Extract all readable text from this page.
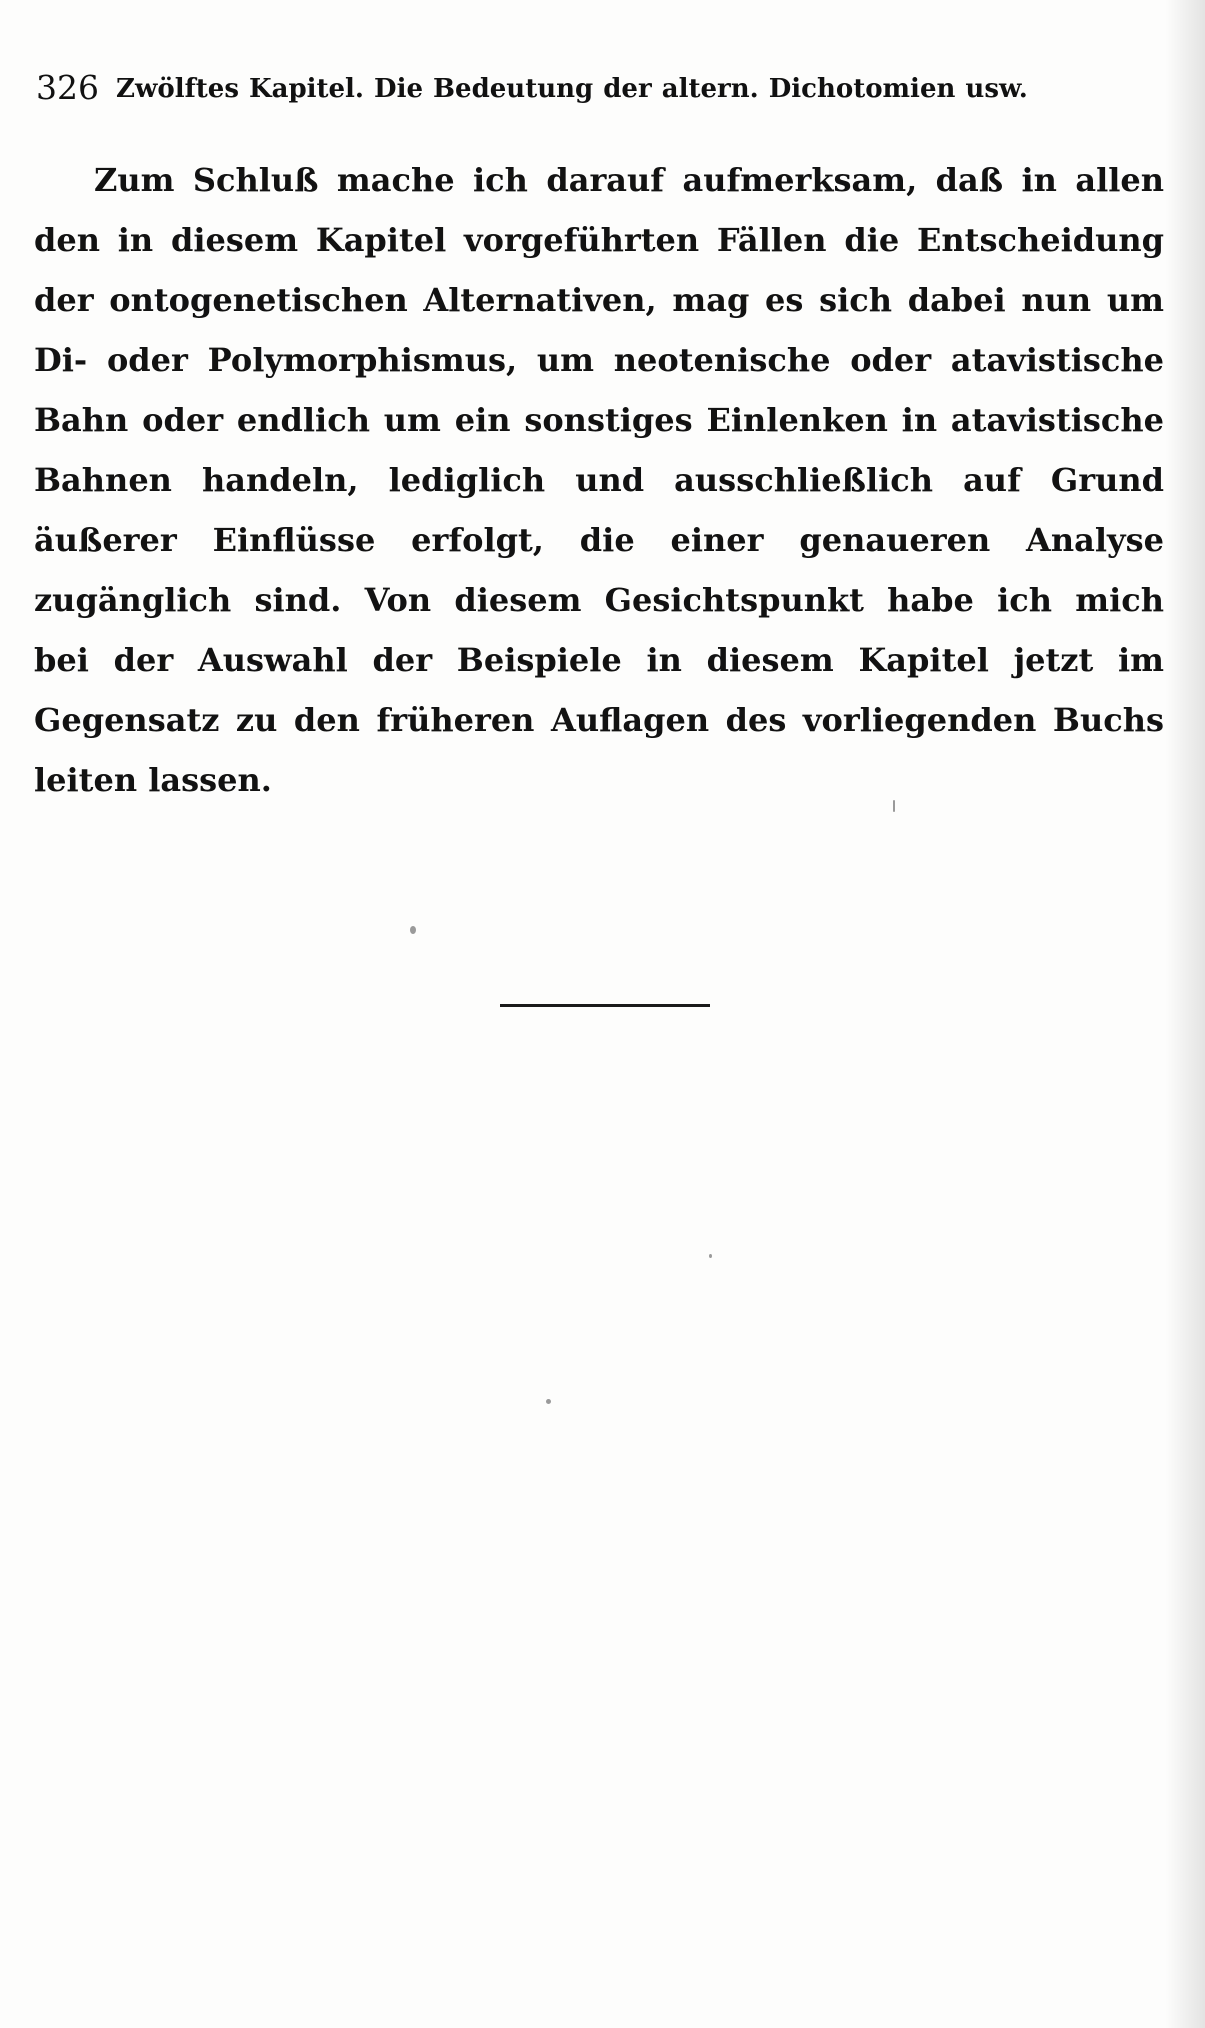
326 Zwölftes Kapitel. Die Bedeutung der altern. Dichotomien usw.
Zum Schluß mache ich darauf aufmerksam, daß in allen
den in diesem Kapitel vorgeführten Fällen die Entscheidung
der ontogenetischen Alternativen, mag es sich dabei nun um
Di- oder Polymorphismus, um neotenische oder atavistische
Bahn oder endlich um ein sonstiges Einlenken in atavistische
Bahnen handeln, lediglich und ausschließlich auf Grund
äußerer Einflüsse erfolgt, die einer genaueren Analyse
zugänglich sind. Von diesem Gesichtspunkt habe ich mich
bei der Auswahl der Beispiele in diesem Kapitel jetzt im
Gegensatz zu den früheren Auflagen des vorliegenden Buchs
leiten lassen.
